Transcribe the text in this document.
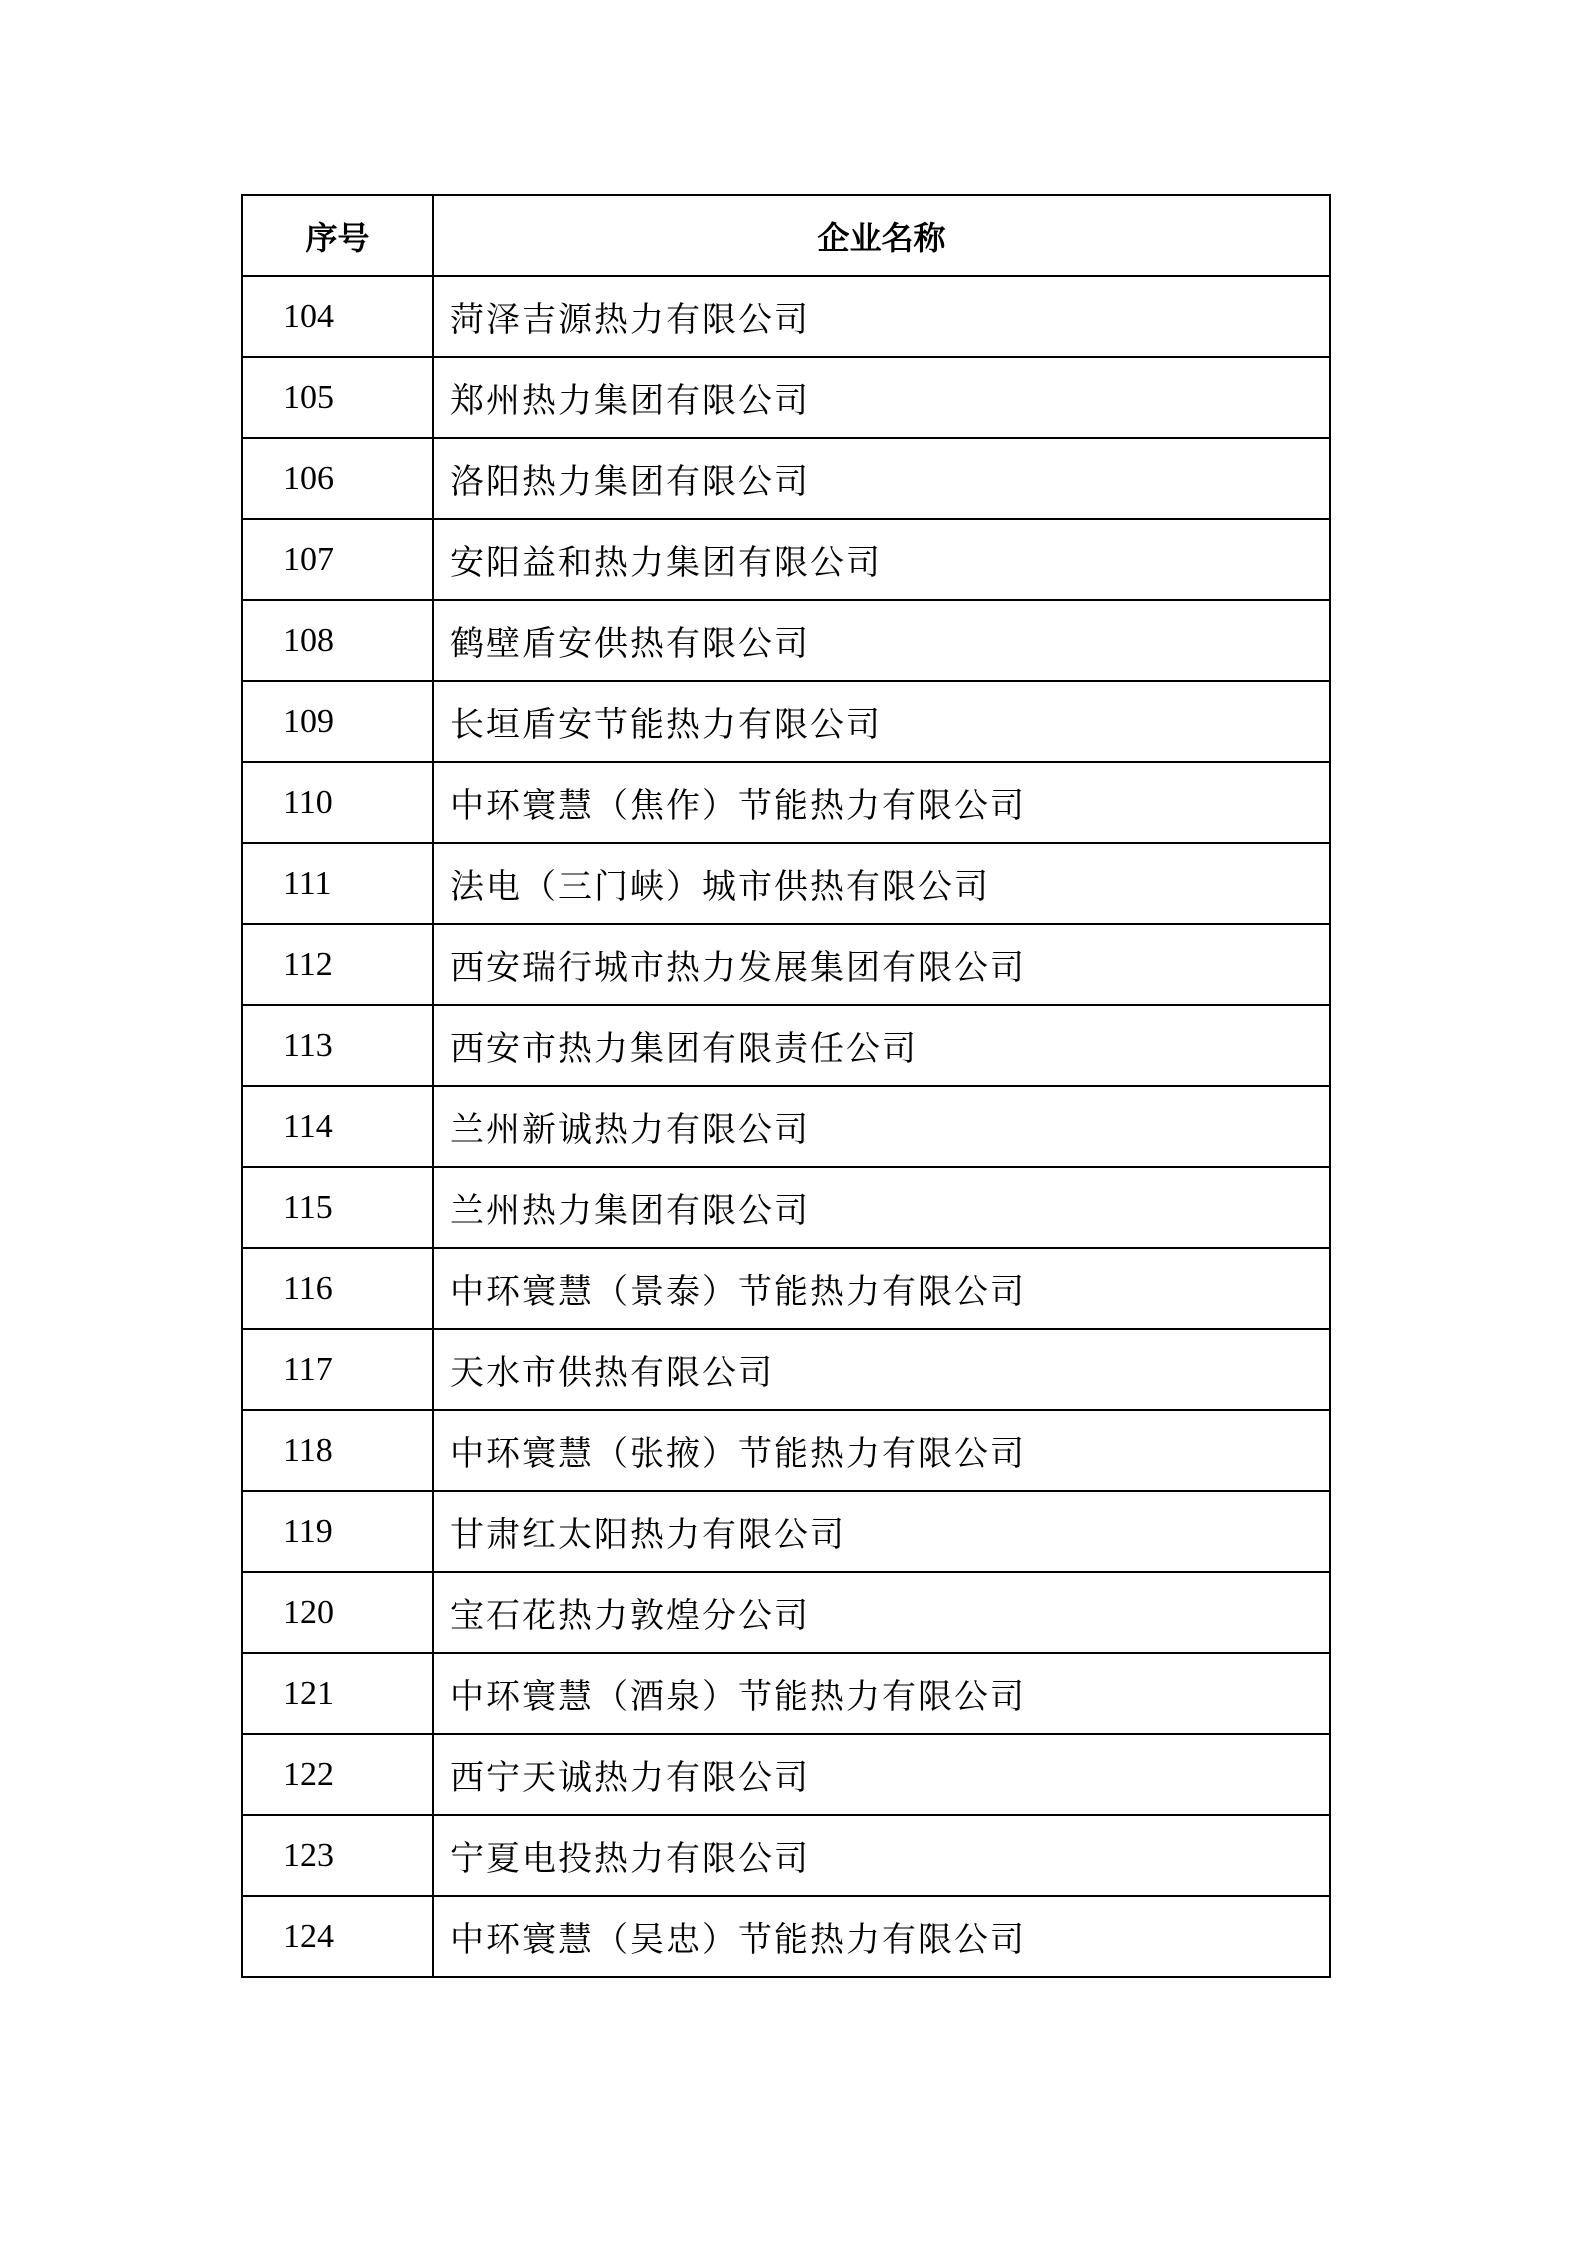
序号	企业名称
104	菏泽吉源热力有限公司
105	郑州热力集团有限公司
106	洛阳热力集团有限公司
107	安阳益和热力集团有限公司
108	鹤壁盾安供热有限公司
109	长垣盾安节能热力有限公司
110	中环寰慧（焦作）节能热力有限公司
111	法电（三门峡）城市供热有限公司
112	西安瑞行城市热力发展集团有限公司
113	西安市热力集团有限责任公司
114	兰州新诚热力有限公司
115	兰州热力集团有限公司
116	中环寰慧（景泰）节能热力有限公司
117	天水市供热有限公司
118	中环寰慧（张掖）节能热力有限公司
119	甘肃红太阳热力有限公司
120	宝石花热力敦煌分公司
121	中环寰慧（酒泉）节能热力有限公司
122	西宁天诚热力有限公司
123	宁夏电投热力有限公司
124	中环寰慧（吴忠）节能热力有限公司
